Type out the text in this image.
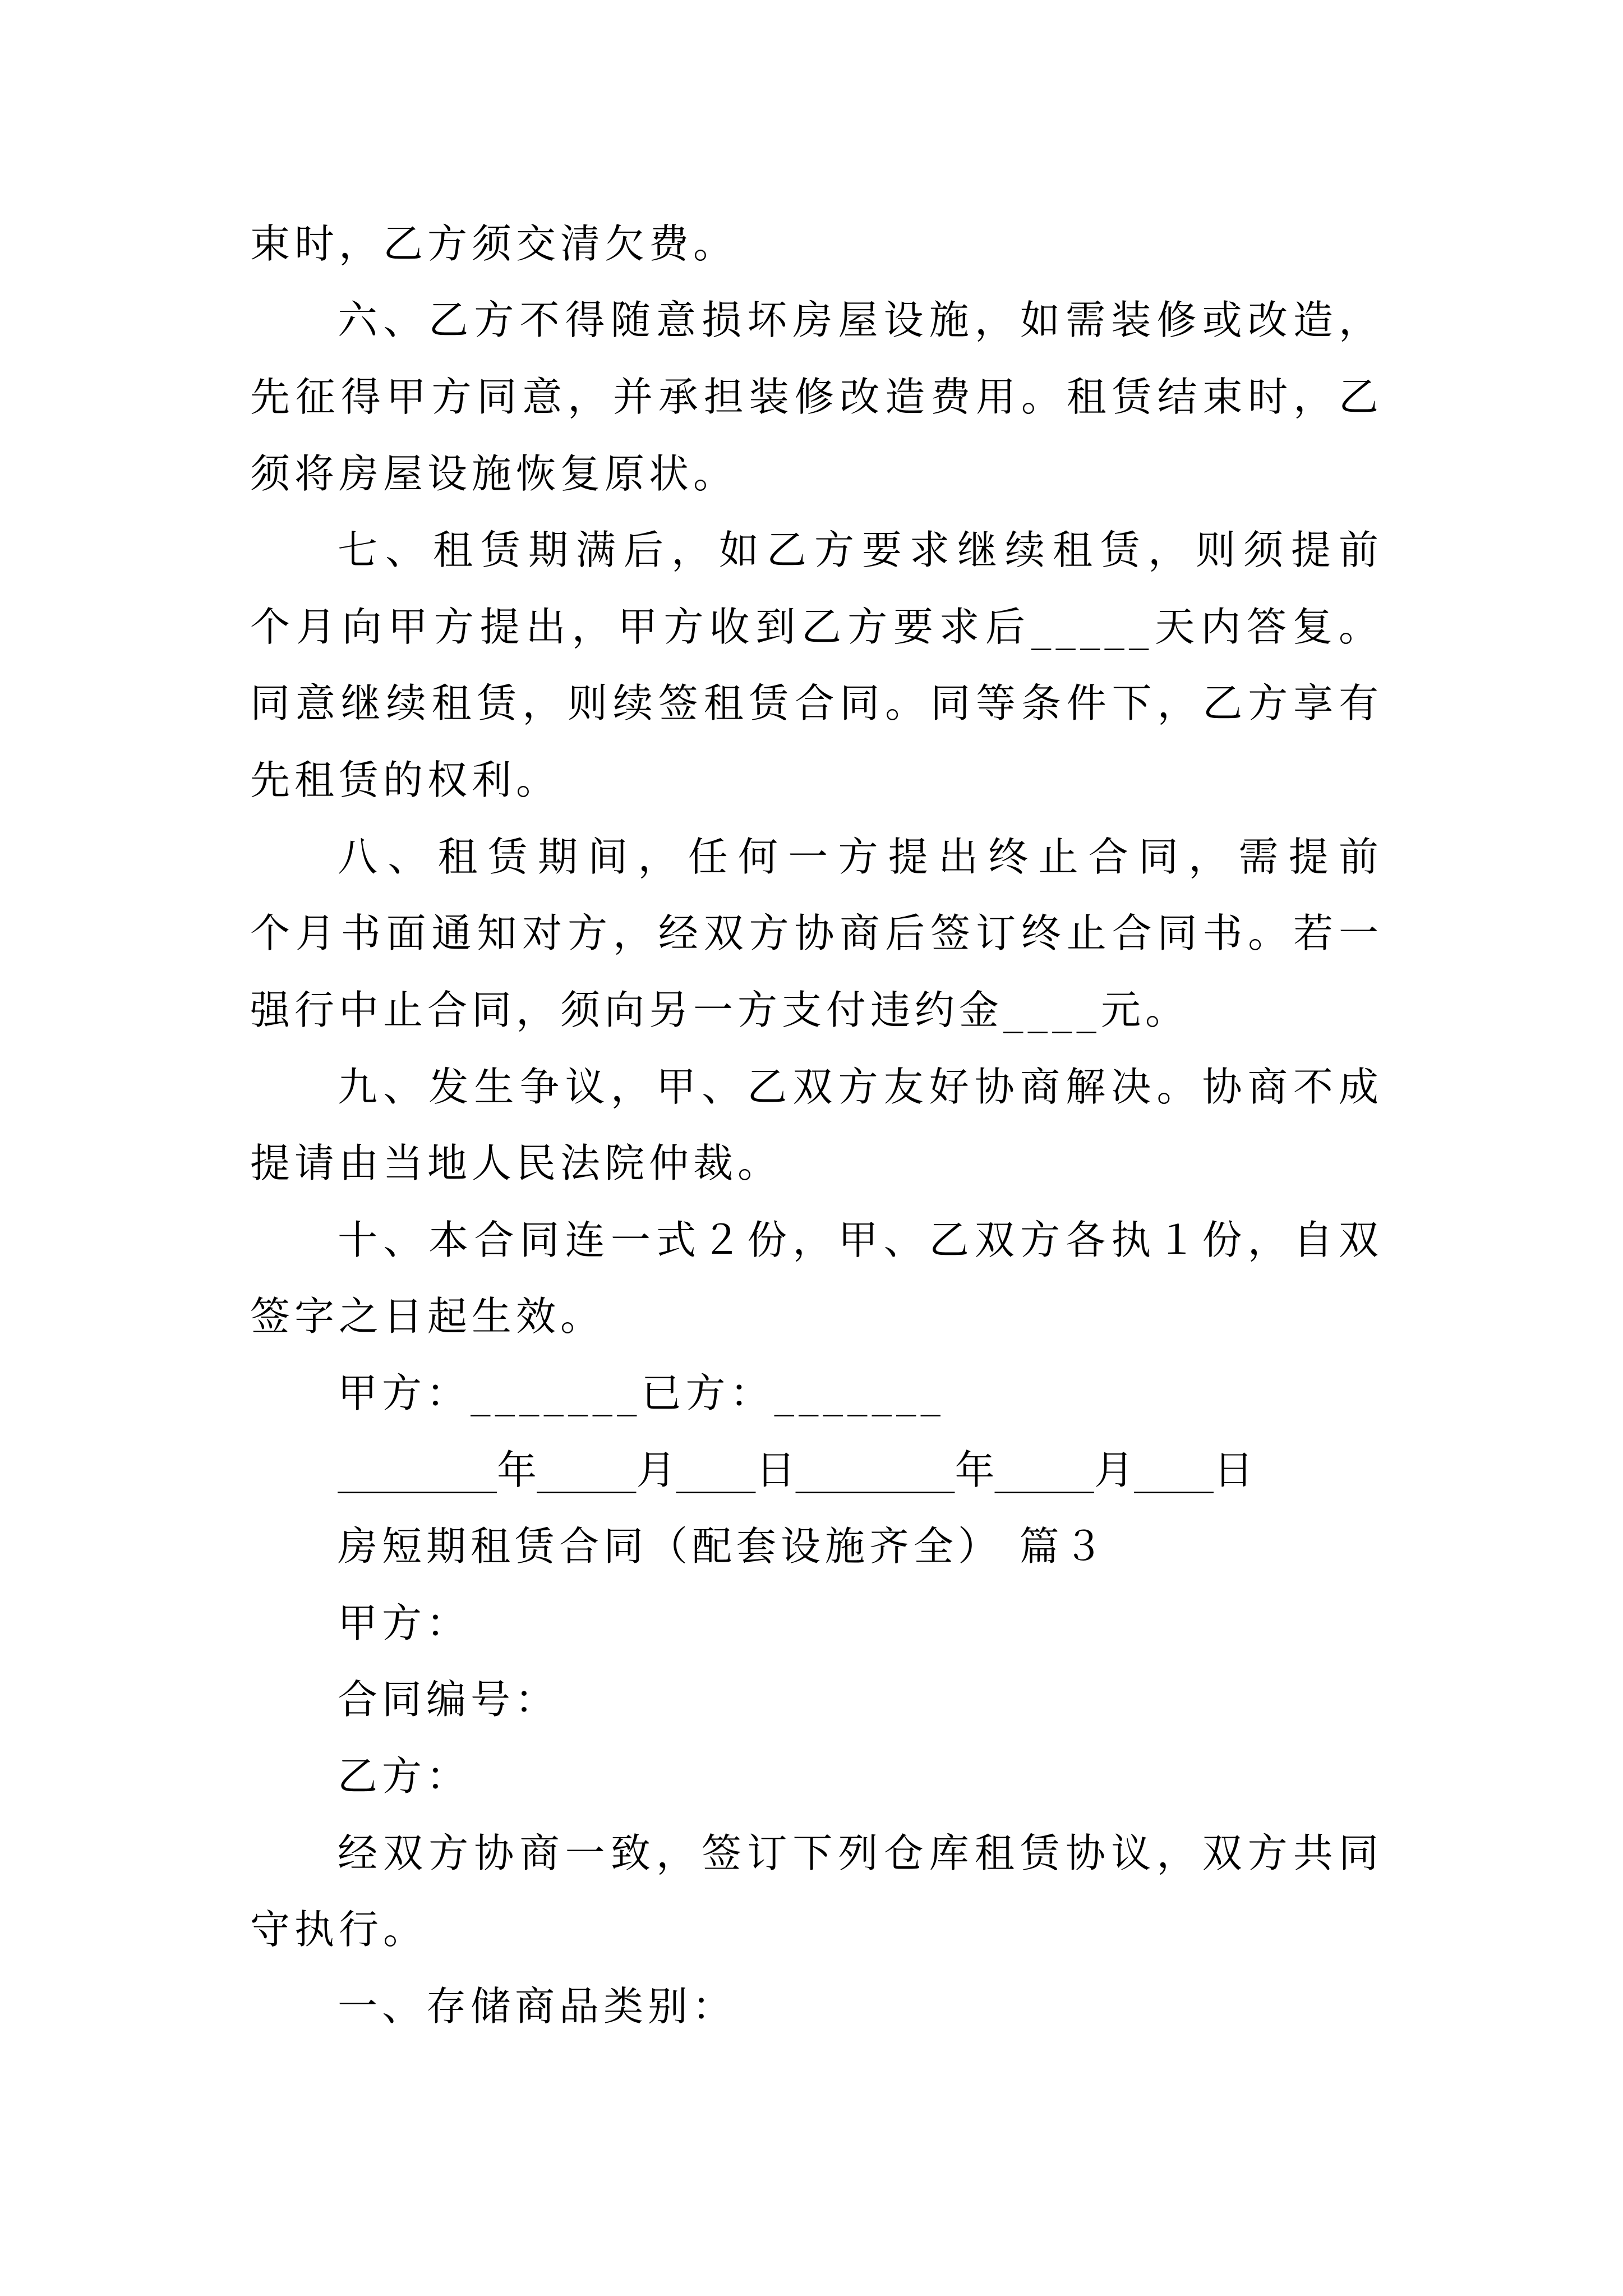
束时，乙方须交清欠费。
六、乙方不得随意损坏房屋设施，如需装修或改造，
先征得甲方同意，并承担装修改造费用。租赁结束时，乙
须将房屋设施恢复原状。
七、租赁期满后，如乙方要求继续租赁，则须提前
个月向甲方提出，甲方收到乙方要求后_____天内答复。
同意继续租赁，则续签租赁合同。同等条件下，乙方享有
先租赁的权利。
八、租赁期间，任何一方提出终止合同，需提前
个月书面通知对方，经双方协商后签订终止合同书。若一
强行中止合同，须向另一方支付违约金____元。
九、发生争议，甲、乙双方友好协商解决。协商不成
提请由当地人民法院仲裁。
十、本合同连一式２份，甲、乙双方各执１份，自双
签字之日起生效。
甲方：_______已方：_______
________年_____月____日________年_____月____日
房短期租赁合同（配套设施齐全） 篇３
甲方：
合同编号：
乙方：
经双方协商一致，签订下列仓库租赁协议，双方共同
守执行。
一、存储商品类别：
